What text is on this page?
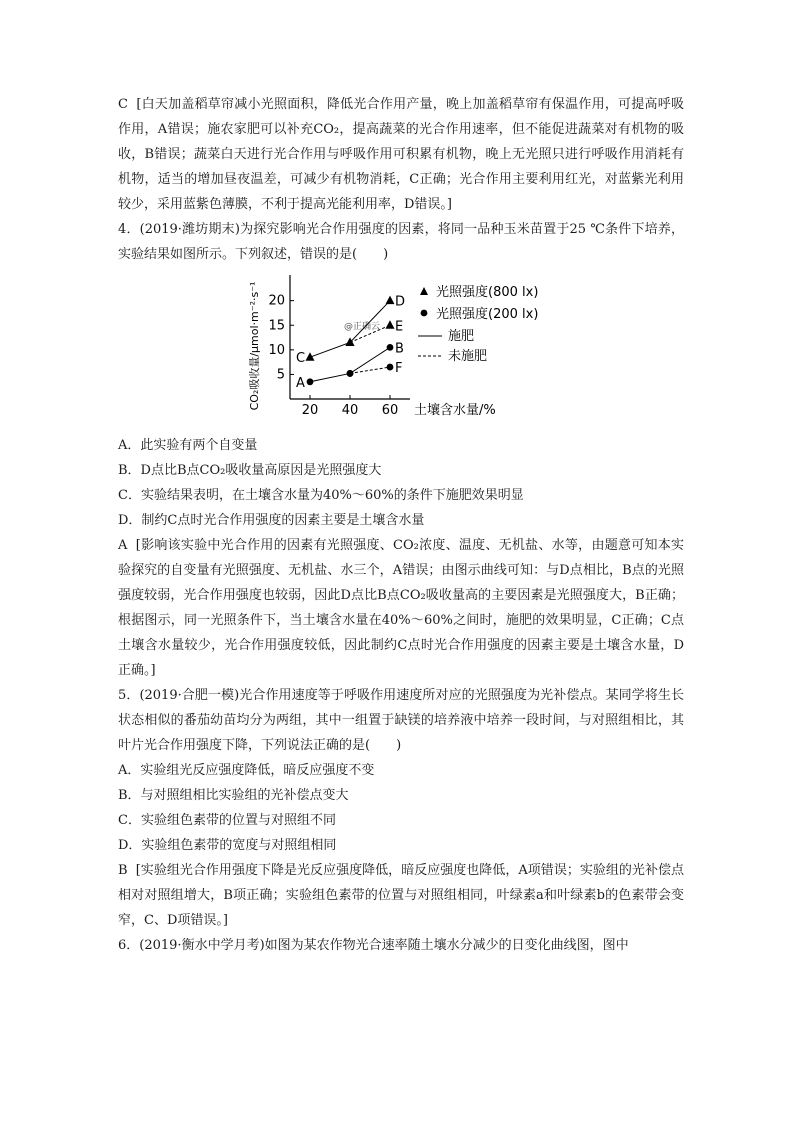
C [白天加盖稻草帘减小光照面积，降低光合作用产量，晚上加盖稻草帘有保温作用，可提高呼吸作用，A错误；施农家肥可以补充CO₂，提高蔬菜的光合作用速率，但不能促进蔬菜对有机物的吸收，B错误；蔬菜白天进行光合作用与呼吸作用可积累有机物，晚上无光照只进行呼吸作用消耗有机物，适当的增加昼夜温差，可减少有机物消耗，C正确；光合作用主要利用红光，对蓝紫光利用较少，采用蓝紫色薄膜，不利于提高光能利用率，D错误。]

4．(2019·潍坊期末)为探究影响光合作用强度的因素，将同一品种玉米苗置于25 ℃条件下培养，实验结果如图所示。下列叙述，错误的是(　　)

5
10
15
20
20 40 60 土壤含水量/%
CO₂吸收量/μmol·m⁻²·s⁻¹	@正确云
C
D
E
A
B
F
光照强度(800 lx)
光照强度(200 lx)
施肥
未施肥

A．此实验有两个自变量

B．D点比B点CO₂吸收量高原因是光照强度大

C．实验结果表明，在土壤含水量为40%～60%的条件下施肥效果明显

D．制约C点时光合作用强度的因素主要是土壤含水量

A [影响该实验中光合作用的因素有光照强度、CO₂浓度、温度、无机盐、水等，由题意可知本实验探究的自变量有光照强度、无机盐、水三个，A错误；由图示曲线可知：与D点相比，B点的光照强度较弱，光合作用强度也较弱，因此D点比B点CO₂吸收量高的主要因素是光照强度大，B正确；根据图示，同一光照条件下，当土壤含水量在40%～60%之间时，施肥的效果明显，C正确；C点土壤含水量较少，光合作用强度较低，因此制约C点时光合作用强度的因素主要是土壤含水量，D正确。]

5．(2019·合肥一模)光合作用速度等于呼吸作用速度所对应的光照强度为光补偿点。某同学将生长状态相似的番茄幼苗均分为两组，其中一组置于缺镁的培养液中培养一段时间，与对照组相比，其叶片光合作用强度下降，下列说法正确的是(　　)

A．实验组光反应强度降低，暗反应强度不变

B．与对照组相比实验组的光补偿点变大

C．实验组色素带的位置与对照组不同

D．实验组色素带的宽度与对照组相同

B [实验组光合作用强度下降是光反应强度降低，暗反应强度也降低，A项错误；实验组的光补偿点相对对照组增大，B项正确；实验组色素带的位置与对照组相同，叶绿素a和叶绿素b的色素带会变窄，C、D项错误。]

6．(2019·衡水中学月考)如图为某农作物光合速率随土壤水分减少的日变化曲线图，图中
